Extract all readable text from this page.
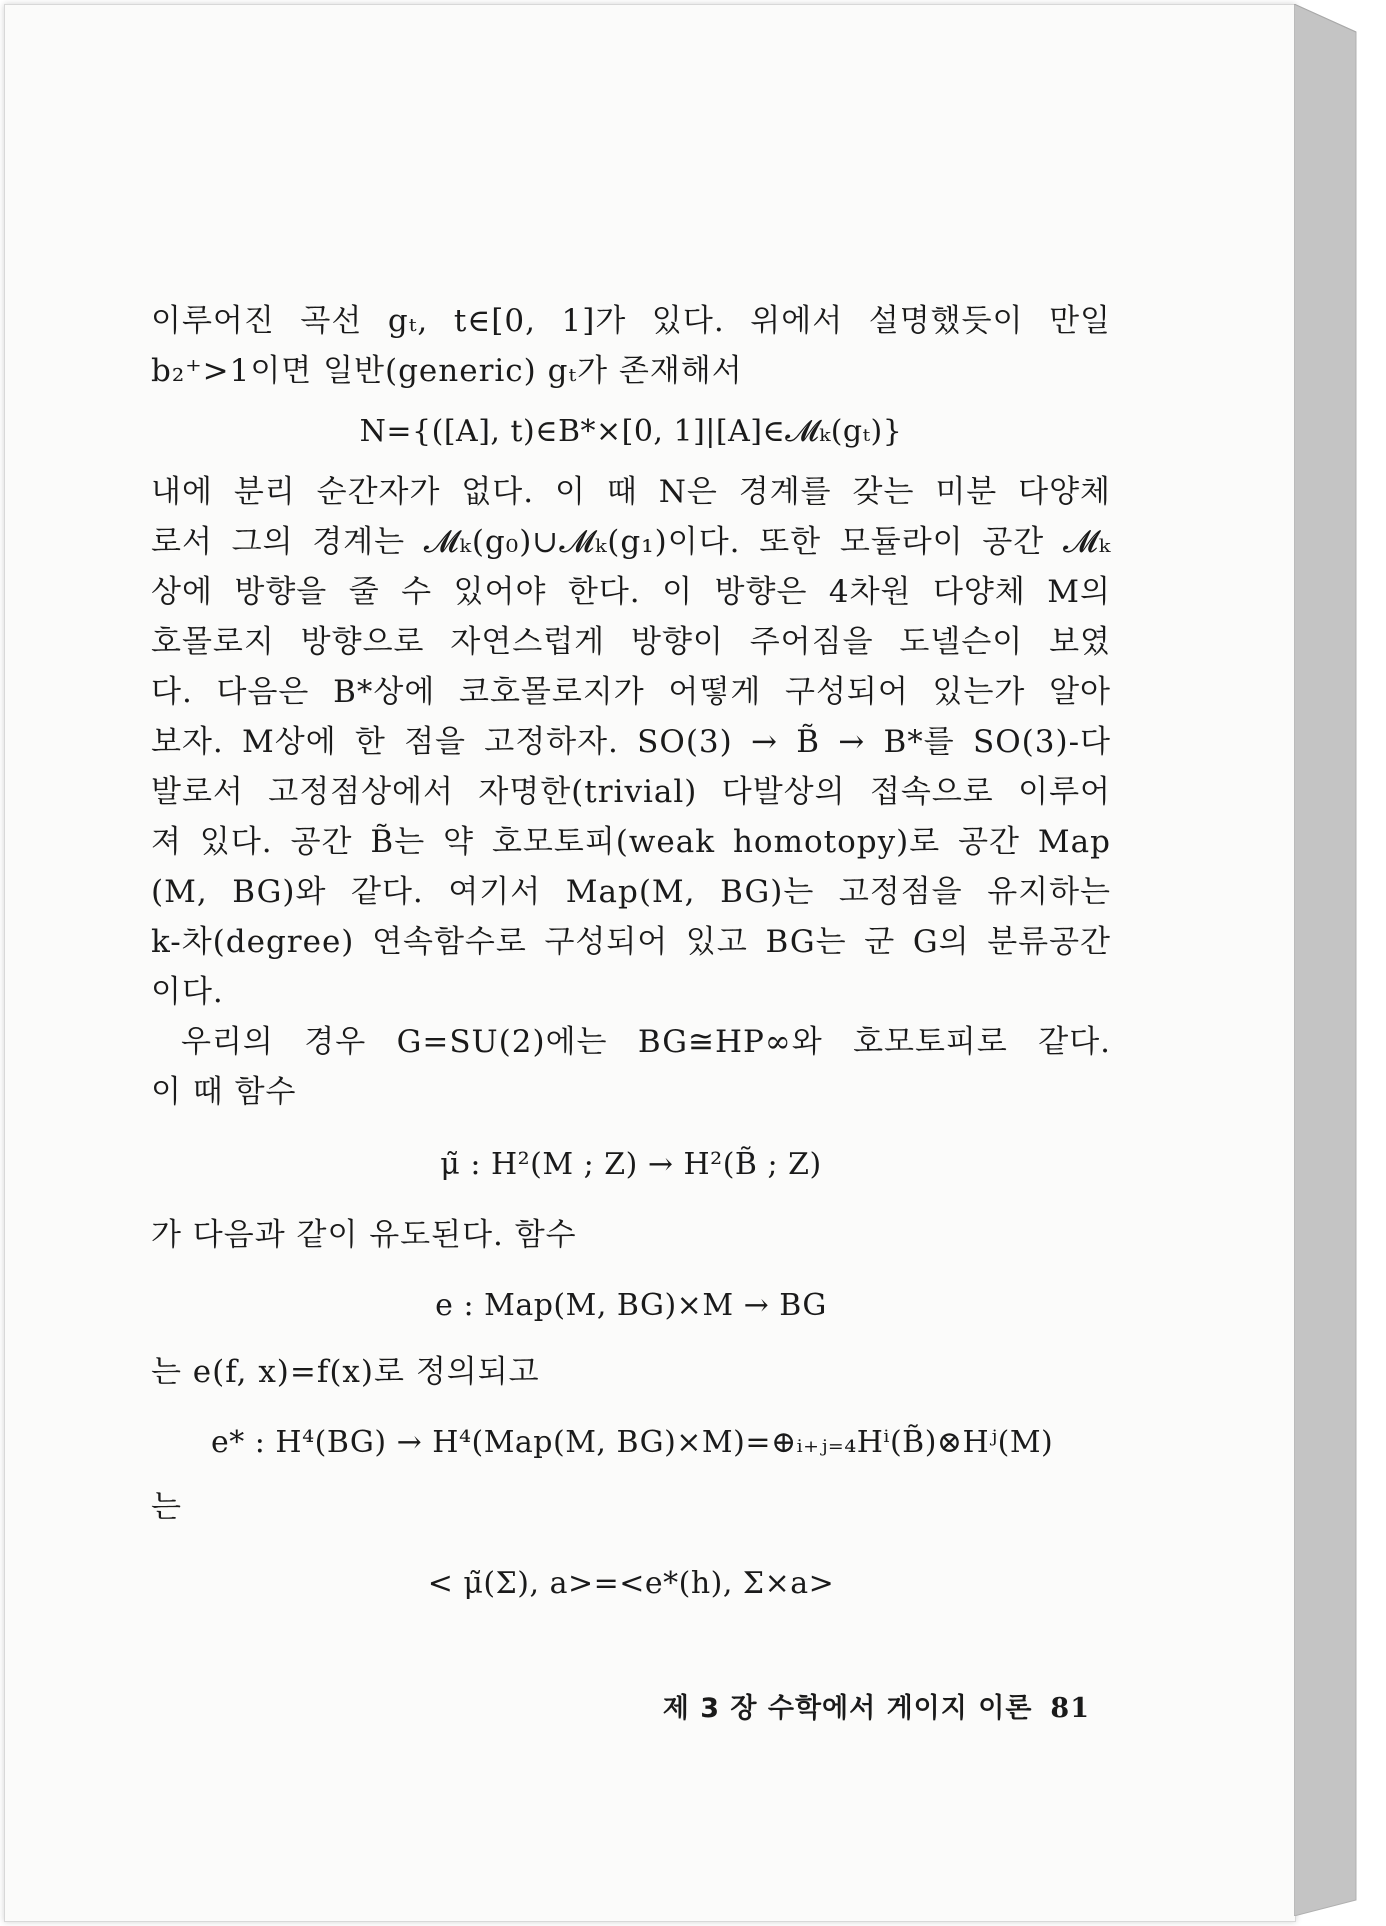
이루어진 곡선 gₜ, t∈[0, 1]가 있다. 위에서 설명했듯이 만일
b₂⁺>1이면 일반(generic) gₜ가 존재해서
N={([A], t)∈B*×[0, 1]|[A]∈𝓜ₖ(gₜ)}
내에 분리 순간자가 없다. 이 때 N은 경계를 갖는 미분 다양체
로서 그의 경계는 𝓜ₖ(g₀)∪𝓜ₖ(g₁)이다. 또한 모듈라이 공간 𝓜ₖ
상에 방향을 줄 수 있어야 한다. 이 방향은 4차원 다양체 M의
호몰로지 방향으로 자연스럽게 방향이 주어짐을 도넬슨이 보였
다. 다음은 B*상에 코호몰로지가 어떻게 구성되어 있는가 알아
보자. M상에 한 점을 고정하자. SO(3) → B̃ → B*를 SO(3)-다
발로서 고정점상에서 자명한(trivial) 다발상의 접속으로 이루어
져 있다. 공간 B̃는 약 호모토피(weak homotopy)로 공간 Map
(M, BG)와 같다. 여기서 Map(M, BG)는 고정점을 유지하는
k-차(degree) 연속함수로 구성되어 있고 BG는 군 G의 분류공간
이다.
우리의 경우 G=SU(2)에는 BG≅HP∞와 호모토피로 같다.
이 때 함수
μ̃ : H²(M ; Z) → H²(B̃ ; Z)
가 다음과 같이 유도된다. 함수
e : Map(M, BG)×M → BG
는 e(f, x)=f(x)로 정의되고
e* : H⁴(BG) → H⁴(Map(M, BG)×M)=⊕ᵢ₊ⱼ₌₄Hⁱ(B̃)⊗Hʲ(M)
는
< μ̃(Σ), a>=<e*(h), Σ×a>
제 3 장 수학에서 게이지 이론 81
